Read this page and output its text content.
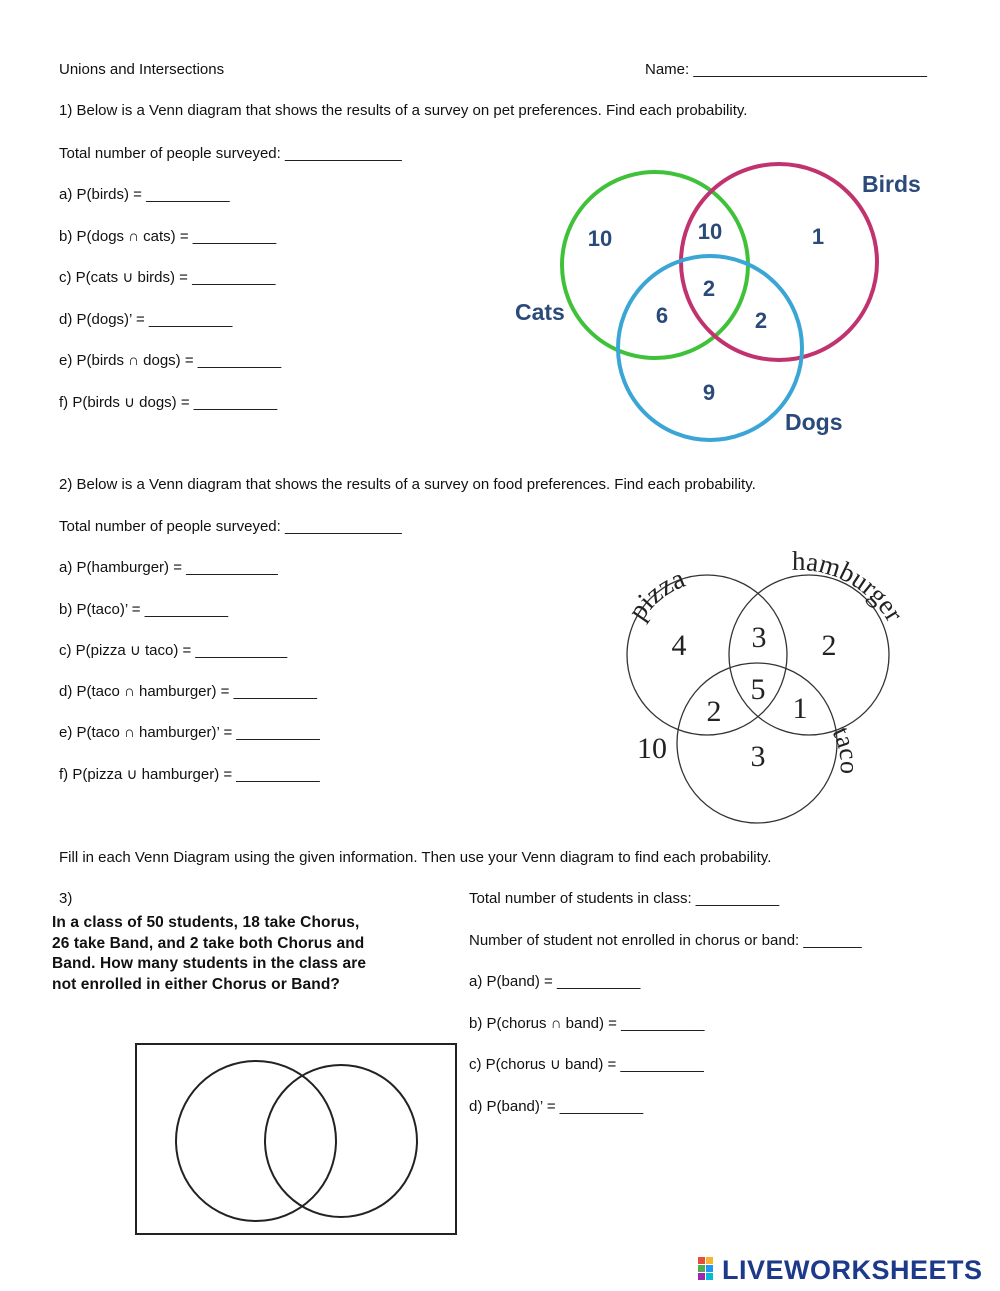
Unions and Intersections	Name: ____________________________
1) Below is a Venn diagram that shows the results of a survey on pet preferences. Find each probability.
Total number of people surveyed: ______________
a) P(birds) = __________
b) P(dogs ∩ cats) = __________
c) P(cats ∪ birds) = __________
d) P(dogs)’ = __________
e) P(birds ∩ dogs) = __________
f) P(birds ∪ dogs) = __________
Cats
Birds
Dogs
10	10	1
2
6	2
9
2) Below is a Venn diagram that shows the results of a survey on food preferences. Find each probability.
Total number of people surveyed: ______________
a) P(hamburger) = ___________
b) P(taco)’ = __________
c) P(pizza ∪ taco) = ___________
d) P(taco ∩ hamburger) = __________
e) P(taco ∩ hamburger)’ = __________
f) P(pizza ∪ hamburger) = __________
pizza
hamburger
taco
4 3 2
5
2 1
3
10
Fill in each Venn Diagram using the given information. Then use your Venn diagram to find each probability.
3)
In a class of 50 students, 18 take Chorus,
26 take Band, and 2 take both Chorus and
Band. How many students in the class are
not enrolled in either Chorus or Band?
Total number of students in class: __________
Number of student not enrolled in chorus or band: _______
a) P(band) = __________
b) P(chorus ∩ band) = __________
c) P(chorus ∪ band) = __________
d) P(band)’ = __________
LIVEWORKSHEETS
